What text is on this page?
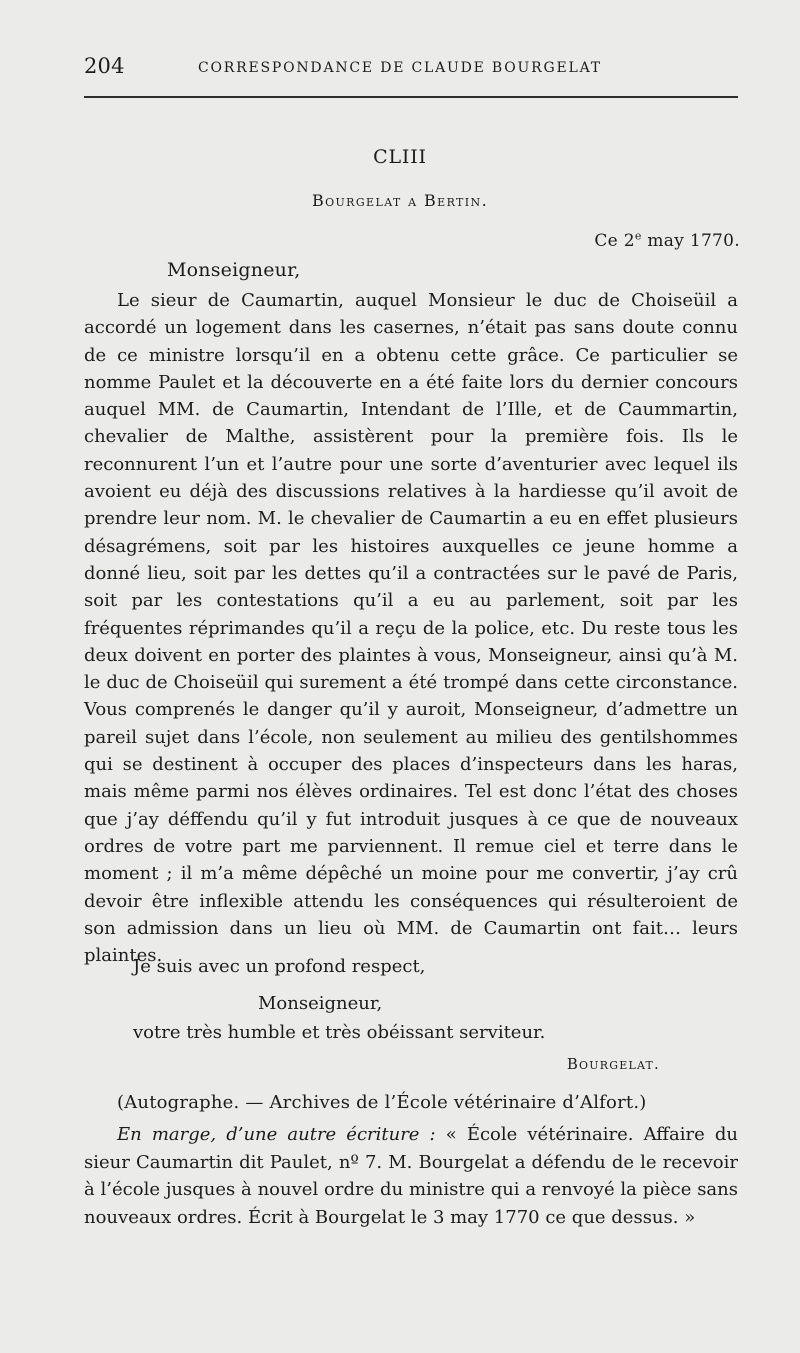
204	CORRESPONDANCE DE CLAUDE BOURGELAT
CLIII
Bourgelat a Bertin.
Ce 2e may 1770.
Monseigneur,
Le sieur de Caumartin, auquel Monsieur le duc de Choiseüil a accordé un logement dans les casernes, n’était pas sans doute connu de ce ministre lorsqu’il en a obtenu cette grâce. Ce particulier se nomme Paulet et la découverte en a été faite lors du dernier concours auquel MM. de Caumartin, Intendant de l’Ille, et de Caummartin, chevalier de Malthe, assistèrent pour la première fois. Ils le reconnurent l’un et l’autre pour une sorte d’aventurier avec lequel ils avoient eu déjà des discussions relatives à la hardiesse qu’il avoit de prendre leur nom. M. le chevalier de Caumartin a eu en effet plusieurs désagrémens, soit par les histoires auxquelles ce jeune homme a donné lieu, soit par les dettes qu’il a contractées sur le pavé de Paris, soit par les contestations qu’il a eu au parlement, soit par les fréquentes réprimandes qu’il a reçu de la police, etc. Du reste tous les deux doivent en porter des plaintes à vous, Monseigneur, ainsi qu’à M. le duc de Choiseüil qui surement a été trompé dans cette circonstance. Vous comprenés le danger qu’il y auroit, Monseigneur, d’admettre un pareil sujet dans l’école, non seulement au milieu des gentilshommes qui se destinent à occuper des places d’inspecteurs dans les haras, mais même parmi nos élèves ordinaires. Tel est donc l’état des choses que j’ay déffendu qu’il y fut introduit jusques à ce que de nouveaux ordres de votre part me parviennent. Il remue ciel et terre dans le moment ; il m’a même dépêché un moine pour me convertir, j’ay crû devoir être inflexible attendu les conséquences qui résulteroient de son admission dans un lieu où MM. de Caumartin ont fait… leurs plaintes.
Je suis avec un profond respect,
Monseigneur,
votre très humble et très obéissant serviteur.
Bourgelat.
(Autographe. — Archives de l’École vétérinaire d’Alfort.)
En marge, d’une autre écriture : « École vétérinaire. Affaire du sieur Caumartin dit Paulet, nº 7. M. Bourgelat a défendu de le recevoir à l’école jusques à nouvel ordre du ministre qui a renvoyé la pièce sans nouveaux ordres. Écrit à Bourgelat le 3 may 1770 ce que dessus. »
